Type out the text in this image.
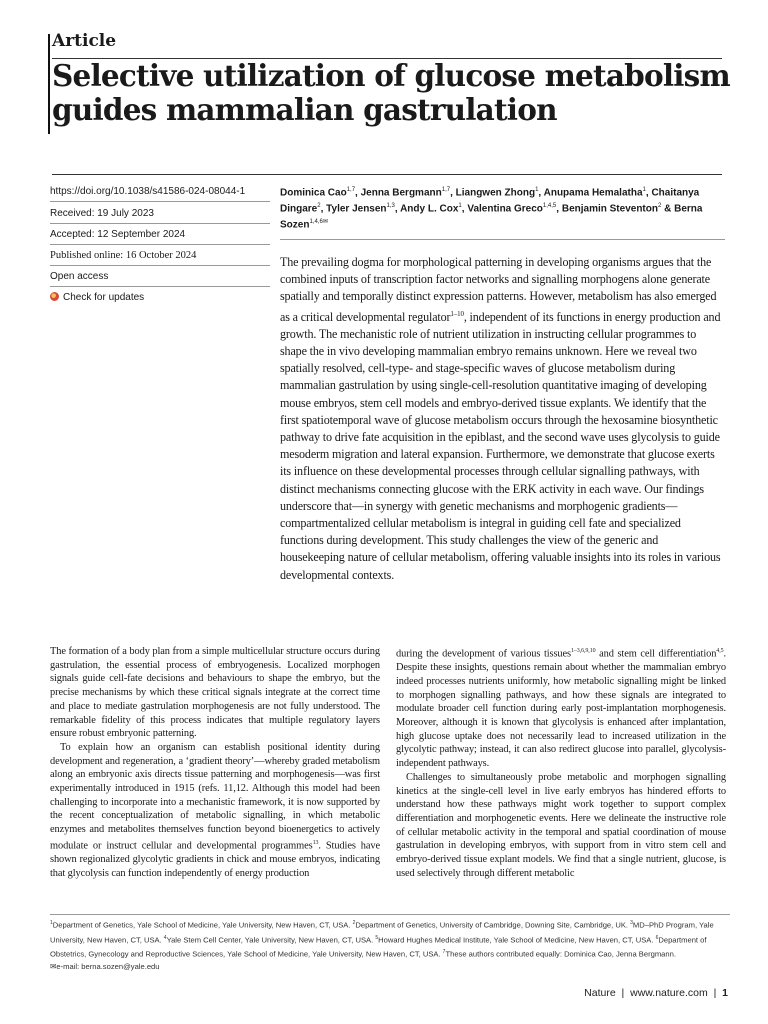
Article
Selective utilization of glucose metabolism guides mammalian gastrulation
https://doi.org/10.1038/s41586-024-08044-1
Received: 19 July 2023
Accepted: 12 September 2024
Published online: 16 October 2024
Open access
Check for updates
Dominica Cao$^{1,7}$, Jenna Bergmann$^{1,7}$, Liangwen Zhong$^1$, Anupama Hemalatha$^1$, Chaitanya Dingare$^2$, Tyler Jensen$^{1,3}$, Andy L. Cox$^1$, Valentina Greco$^{1,4,5}$, Benjamin Steventon$^2$ & Berna Sozen$^{1,4,6✉}$

The prevailing dogma for morphological patterning in developing organisms argues that the combined inputs of transcription factor networks and signalling morphogens alone generate spatially and temporally distinct expression patterns. However, metabolism has also emerged as a critical developmental regulator$^{1-10}$, independent of its functions in energy production and growth. The mechanistic role of nutrient utilization in instructing cellular programmes to shape the in vivo developing mammalian embryo remains unknown. Here we reveal two spatially resolved, cell-type- and stage-specific waves of glucose metabolism during mammalian gastrulation by using single-cell-resolution quantitative imaging of developing mouse embryos, stem cell models and embryo-derived tissue explants. We identify that the first spatiotemporal wave of glucose metabolism occurs through the hexosamine biosynthetic pathway to drive fate acquisition in the epiblast, and the second wave uses glycolysis to guide mesoderm migration and lateral expansion. Furthermore, we demonstrate that glucose exerts its influence on these developmental processes through cellular signalling pathways, with distinct mechanisms connecting glucose with the ERK activity in each wave. Our findings underscore that—in synergy with genetic mechanisms and morphogenic gradients—compartmentalized cellular metabolism is integral in guiding cell fate and specialized functions during development. This study challenges the view of the generic and housekeeping nature of cellular metabolism, offering valuable insights into its roles in various developmental contexts.

The formation of a body plan from a simple multicellular structure occurs during gastrulation, the essential process of embryogenesis. Localized morphogen signals guide cell-fate decisions and behaviours to shape the embryo, but the precise mechanisms by which these critical signals integrate at the correct time and place to mediate gastrulation morphogenesis are not fully understood. The remarkable fidelity of this process indicates that multiple regulatory layers ensure robust embryonic patterning.

To explain how an organism can establish positional identity during development and regeneration, a ‘gradient theory’—whereby graded metabolism along an embryonic axis directs tissue patterning and morphogenesis—was first experimentally introduced in 1915 (refs. 11,12. Although this model had been challenging to incorporate into a mechanistic framework, it is now supported by the recent conceptualization of metabolic signalling, in which metabolic enzymes and metabolites themselves function beyond bioenergetics to actively modulate or instruct cellular and developmental programmes$^{13}$. Studies have shown regionalized glycolytic gradients in chick and mouse embryos, indicating that glycolysis can function independently of energy production

during the development of various tissues$^{1-3,6,9,10}$ and stem cell differentiation$^{4,5}$. Despite these insights, questions remain about whether the mammalian embryo indeed processes nutrients uniformly, how metabolic signalling might be linked to morphogen signalling pathways, and how these signals are integrated to modulate broader cell function during early post-implantation morphogenesis. Moreover, although it is known that glycolysis is enhanced after implantation, high glucose uptake does not necessarily lead to increased utilization in the glycolytic pathway; instead, it can also redirect glucose into parallel, glycolysis-independent pathways.

Challenges to simultaneously probe metabolic and morphogen signalling kinetics at the single-cell level in live early embryos has hindered efforts to understand how these pathways might work together to support complex differentiation and morphogenetic events. Here we delineate the instructive role of cellular metabolic activity in the temporal and spatial coordination of mouse gastrulation in developing embryos, with support from in vitro stem cell and embryo-derived tissue explant models. We find that a single nutrient, glucose, is used selectively through different metabolic

$^1$Department of Genetics, Yale School of Medicine, Yale University, New Haven, CT, USA. $^2$Department of Genetics, University of Cambridge, Downing Site, Cambridge, UK. $^3$MD–PhD Program, Yale University, New Haven, CT, USA. $^4$Yale Stem Cell Center, Yale University, New Haven, CT, USA. $^5$Howard Hughes Medical Institute, Yale School of Medicine, New Haven, CT, USA. $^6$Department of Obstetrics, Gynecology and Reproductive Sciences, Yale School of Medicine, Yale University, New Haven, CT, USA. $^7$These authors contributed equally: Dominica Cao, Jenna Bergmann.
✉e-mail: berna.sozen@yale.edu

Nature | www.nature.com | 1
